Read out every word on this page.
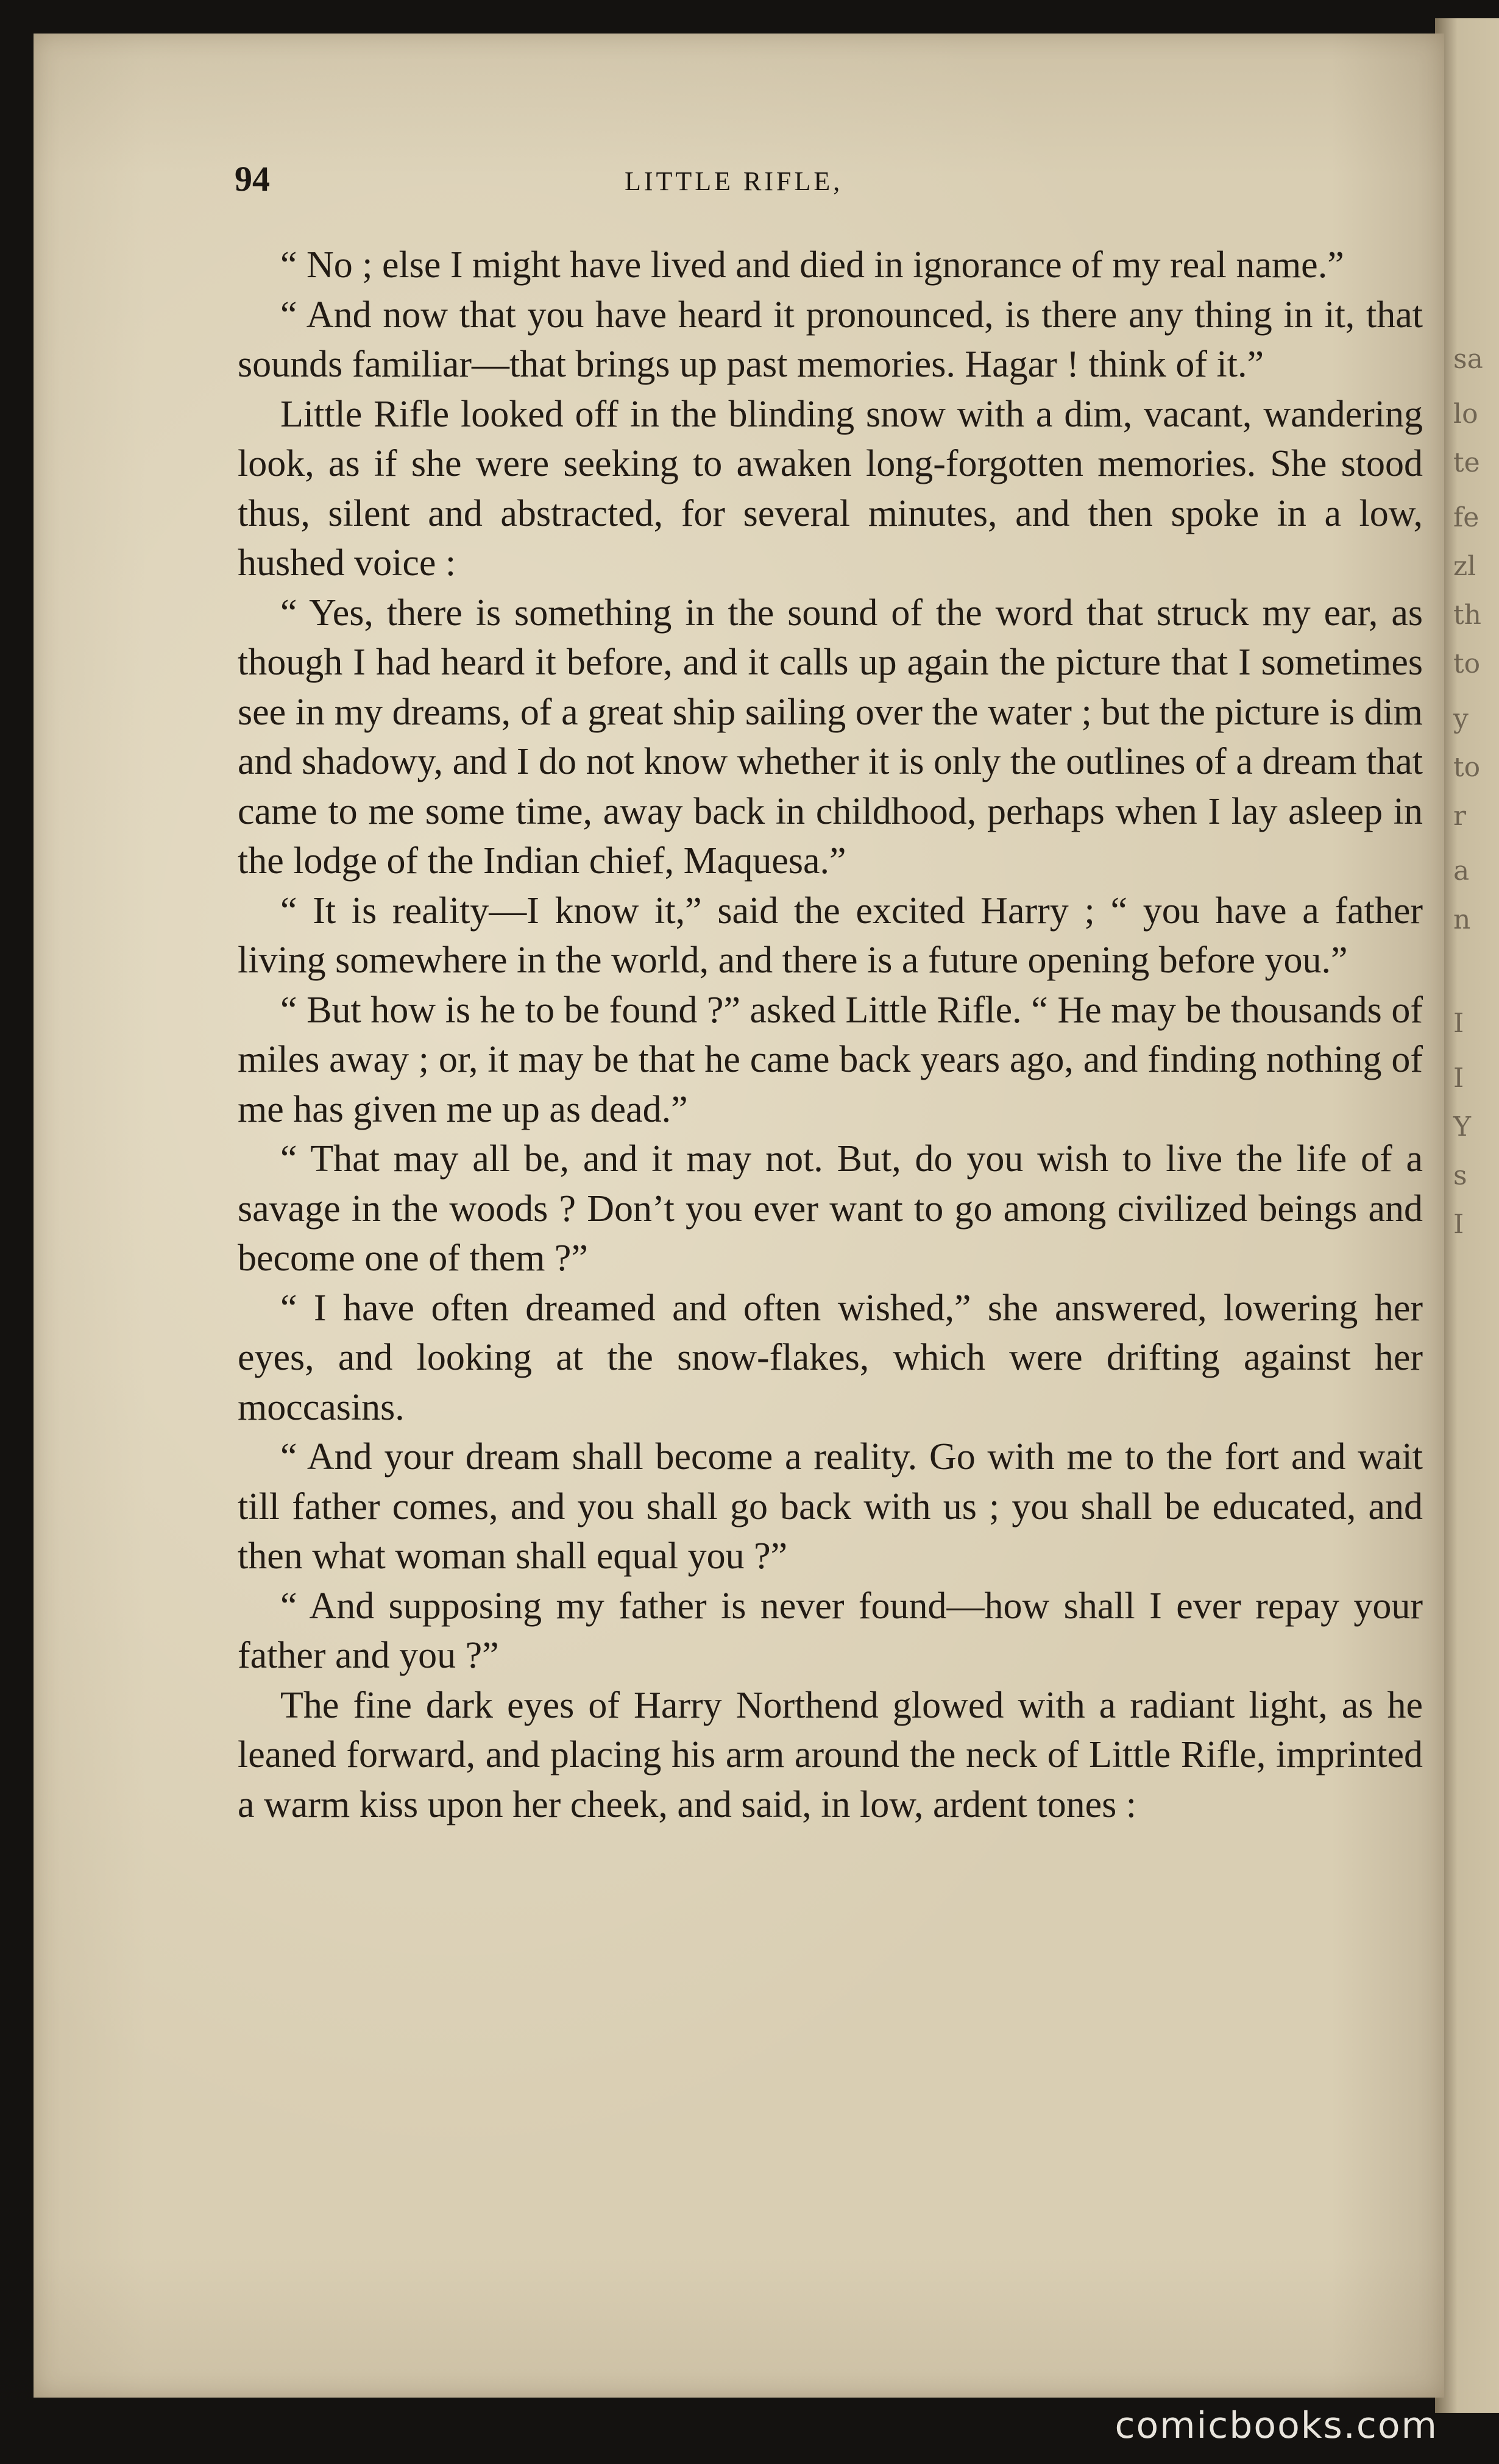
sa
lo
te
fe
zl
th
to
y
to
r
a
n
I
I
Y
s
I

94	LITTLE RIFLE,

“ No ; else I might have lived and died in ignorance of my real name.”

“ And now that you have heard it pronounced, is there any thing in it, that sounds familiar—that brings up past memories. Hagar ! think of it.”

Little Rifle looked off in the blinding snow with a dim, vacant, wandering look, as if she were seeking to awaken long-forgotten memories. She stood thus, silent and abstracted, for several minutes, and then spoke in a low, hushed voice :

“ Yes, there is something in the sound of the word that struck my ear, as though I had heard it before, and it calls up again the picture that I sometimes see in my dreams, of a great ship sailing over the water ; but the picture is dim and shadowy, and I do not know whether it is only the outlines of a dream that came to me some time, away back in childhood, perhaps when I lay asleep in the lodge of the Indian chief, Maquesa.”

“ It is reality—I know it,” said the excited Harry ; “ you have a father living somewhere in the world, and there is a future opening before you.”

“ But how is he to be found ?” asked Little Rifle. “ He may be thousands of miles away ; or, it may be that he came back years ago, and finding nothing of me has given me up as dead.”

“ That may all be, and it may not. But, do you wish to live the life of a savage in the woods ? Don’t you ever want to go among civilized beings and become one of them ?”

“ I have often dreamed and often wished,” she answered, lowering her eyes, and looking at the snow-flakes, which were drifting against her moccasins.

“ And your dream shall become a reality. Go with me to the fort and wait till father comes, and you shall go back with us ; you shall be educated, and then what woman shall equal you ?”

“ And supposing my father is never found—how shall I ever repay your father and you ?”

The fine dark eyes of Harry Northend glowed with a radiant light, as he leaned forward, and placing his arm around the neck of Little Rifle, imprinted a warm kiss upon her cheek, and said, in low, ardent tones :

comicbooks.com
